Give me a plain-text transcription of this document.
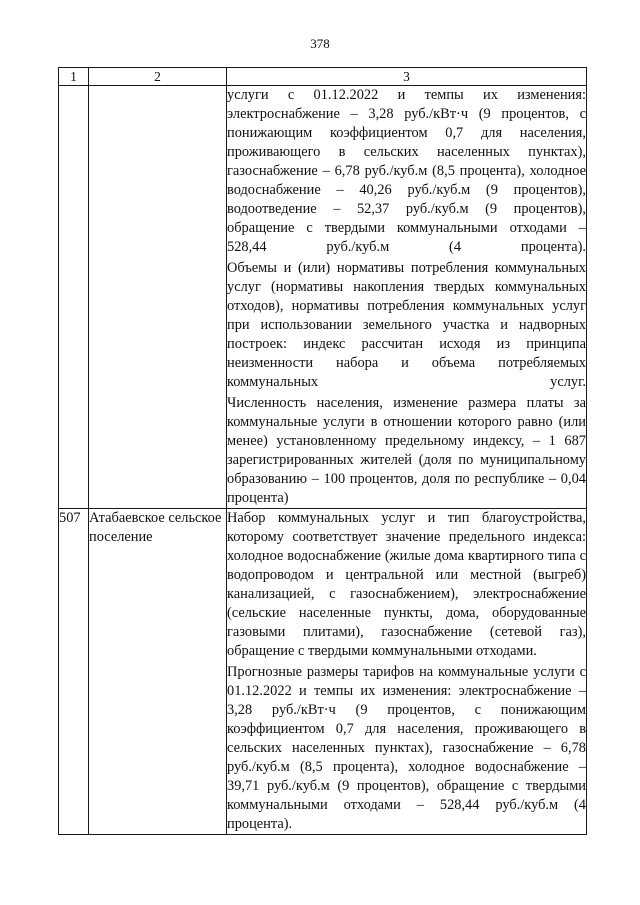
378
1	2	3

		услуги с 01.12.2022 и темпы их изменения: электроснабжение – 3,28 руб./кВт·ч (9 процентов, с понижающим коэффициентом 0,7 для населения, проживающего в сельских населенных пунктах), газоснабжение – 6,78 руб./куб.м (8,5 процента), холодное водоснабжение – 40,26 руб./куб.м (9 процентов), водоотведение – 52,37 руб./куб.м (9 процентов), обращение с твердыми коммунальными отходами – 528,44 руб./куб.м (4 процента).

Объемы и (или) нормативы потребления коммунальных услуг (нормативы накопления твердых коммунальных отходов), нормативы потребления коммунальных услуг при использовании земельного участка и надворных построек: индекс рассчитан исходя из принципа неизменности набора и объема потребляемых коммунальных услуг.

Численность населения, изменение размера платы за коммунальные услуги в отношении которого равно (или менее) установленному предельному индексу, – 1 687 зарегистрированных жителей (доля по муниципальному образованию – 100 процентов, доля по республике – 0,04 процента)

507	Атабаевское сельское поселение	Набор коммунальных услуг и тип благоустройства, которому соответствует значение предельного индекса: холодное водоснабжение (жилые дома квартирного типа с водопроводом и центральной или местной (выгреб) канализацией, с газоснабжением), электроснабжение (сельские населенные пункты, дома, оборудованные газовыми плитами), газоснабжение (сетевой газ), обращение с твердыми коммунальными отходами.

Прогнозные размеры тарифов на коммунальные услуги с 01.12.2022 и темпы их изменения: электроснабжение – 3,28 руб./кВт·ч (9 процентов, с понижающим коэффициентом 0,7 для населения, проживающего в сельских населенных пунктах), газоснабжение – 6,78 руб./куб.м (8,5 процента), холодное водоснабжение – 39,71 руб./куб.м (9 процентов), обращение с твердыми коммунальными отходами – 528,44 руб./куб.м (4 процента).
